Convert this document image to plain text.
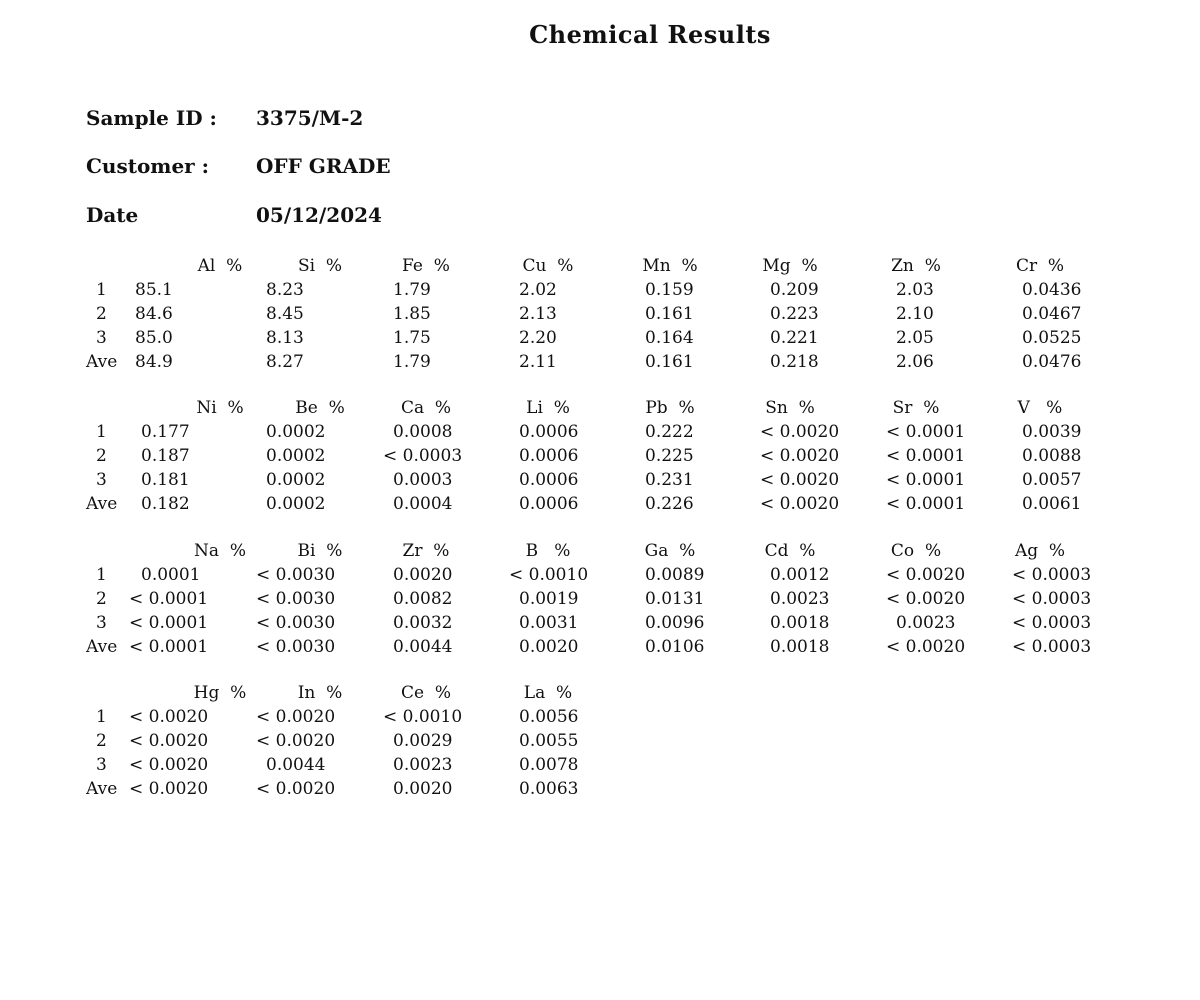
Chemical Results
Sample ID : 3375/M-2
Customer : OFF GRADE
Date	05/12/2024
Al  %	Si  %	Fe  %	Cu  %	Mn  %	Mg  %	Zn  %	Cr  %
1 85.1	8.23	1.79	2.02	0.159	0.209	2.03	0.0436
2 84.6	8.45	1.85	2.13	0.161	0.223	2.10	0.0467
3 85.0	8.13	1.75	2.20	0.164	0.221	2.05	0.0525
Ave 84.9	8.27	1.79	2.11	0.161	0.218	2.06	0.0476
Ni  %	Be  %	Ca  %	Li  %	Pb  %	Sn  %	Sr  %	V   %
1 0.177	0.0002	0.0008	0.0006	0.222	< 0.0020	< 0.0001	0.0039
2 0.187	0.0002	< 0.0003	0.0006	0.225	< 0.0020	< 0.0001	0.0088
3 0.181	0.0002	0.0003	0.0006	0.231	< 0.0020	< 0.0001	0.0057
Ave 0.182	0.0002	0.0004	0.0006	0.226	< 0.0020	< 0.0001	0.0061
Na  %	Bi  %	Zr  %	B   %	Ga  %	Cd  %	Co  %	Ag  %
1 0.0001	< 0.0030	0.0020	< 0.0010	0.0089	0.0012	< 0.0020	< 0.0003
2 < 0.0001	< 0.0030	0.0082	0.0019	0.0131	0.0023	< 0.0020	< 0.0003
3 < 0.0001	< 0.0030	0.0032	0.0031	0.0096	0.0018	0.0023	< 0.0003
Ave < 0.0001	< 0.0030	0.0044	0.0020	0.0106	0.0018	< 0.0020	< 0.0003
Hg  %	In  %	Ce  %	La  %
1 < 0.0020	< 0.0020	< 0.0010	0.0056
2 < 0.0020	< 0.0020	0.0029	0.0055
3 < 0.0020	0.0044	0.0023	0.0078
Ave < 0.0020	< 0.0020	0.0020	0.0063
